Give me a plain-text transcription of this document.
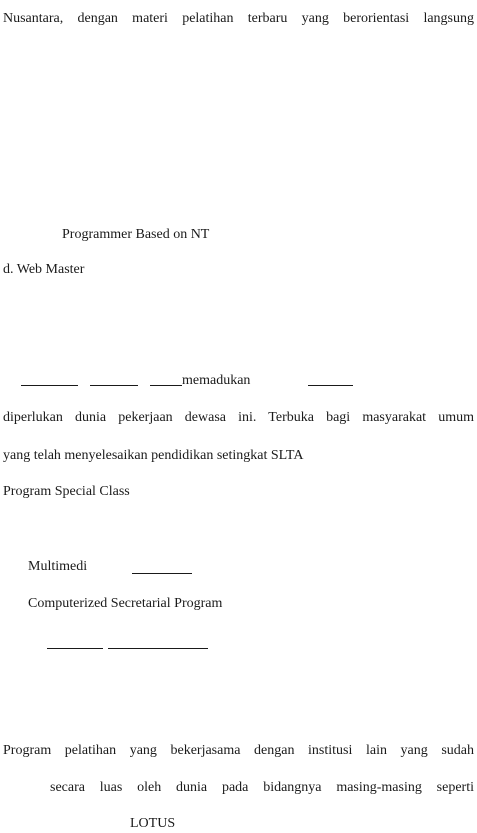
Nusantara, dengan materi pelatihan terbaru yang berorientasi langsung
Programmer Based on NT
d. Web Master
memadukan
diperlukan dunia pekerjaan dewasa ini. Terbuka bagi masyarakat umum
yang telah menyelesaikan pendidikan setingkat SLTA
Program Special Class
Multimedi
Computerized Secretarial Program
Program pelatihan yang bekerjasama dengan institusi lain yang sudah
secara luas oleh dunia pada bidangnya masing-masing seperti
LOTUS
